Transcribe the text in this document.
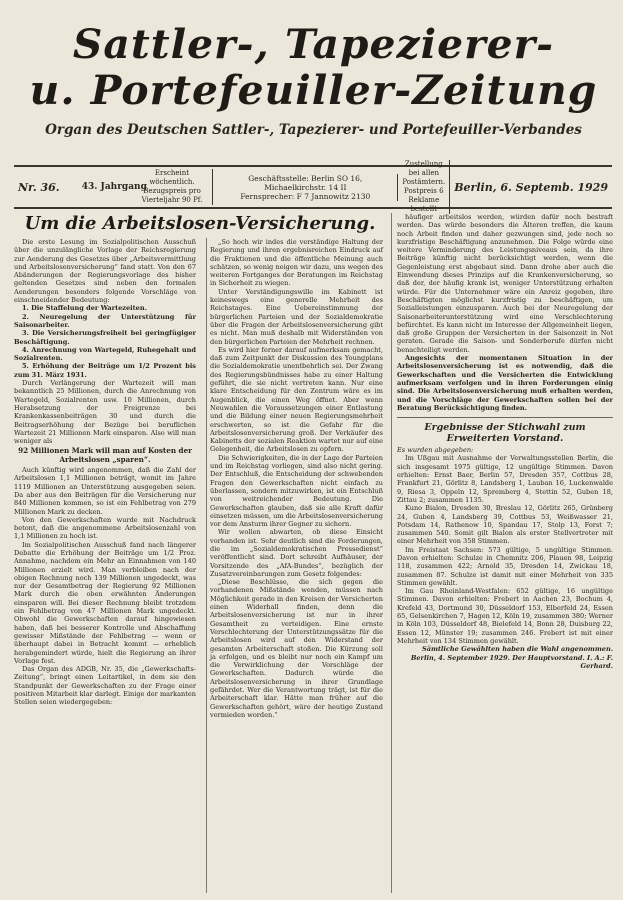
Sattler-, Tapezierer-
u. Portefeuiller-Zeitung
Organ des Deutschen Sattler-, Tapezierer- und Portefeuiller-Verbandes
Nr. 36.	43. Jahrgang
Erscheint wöchentlich. Bezugspreis pro Vierteljahr 90 Pf.
Geschäftsstelle: Berlin SO 16, Michaelkirchstr. 14 II
Fernsprecher: F 7 Jannowitz 2130
Zustellung bei allen Postämtern. Postpreis 6 Reklame bestellt
Berlin, 6. Septemb. 1929
Um die Arbeitslosen-Versicherung.

Die erste Lesung im Sozialpolitischen Ausschuß über die unzulängliche Vorlage der Reichsregierung zur Aenderung des Gesetzes über „Arbeitsvermittlung und Arbeitslosenversicherung“ fand statt. Von den 67 Abänderungen der Regierungsvorlage des bisher geltenden Gesetzes sind neben den formalen Aenderungen besonders folgende Vorschläge von einschneidender Bedeutung:

1. Die Staffelung der Wartezeiten.

2. Neuregelung der Unterstützung für Saisonarbeiter.

3. Die Versicherungsfreiheit bei geringfügiger Beschäftigung.

4. Anrechnung von Wartegeld, Ruhegehalt und Sozialrenten.

5. Erhöhung der Beiträge um 1/2 Prozent bis zum 31. März 1931.

Durch Verlängerung der Wartezeit will man bekanntlich 25 Millionen, durch die Anrechnung von Wartegeld, Sozialrenten usw. 10 Millionen, durch Herabsetzung der Freigrenze bei Krankenkassenbeiträgen 30 und durch die Beitragserhöhung der Bezüge bei beruflichen Wartezeit 21 Millionen Mark einsparen. Also will man weniger als

92 Millionen Mark will man auf Kosten der Arbeitslosen „sparen“.

Auch künftig wird angenommen, daß die Zahl der Arbeitslosen 1,1 Millionen beträgt, womit im Jahre 1119 Millionen an Unterstützung ausgegeben seien. Da aber aus den Beiträgen für die Versicherung nur 840 Millionen kommen, so ist ein Fehlbetrag von 279 Millionen Mark zu decken.

Von den Gewerkschaften wurde mit Nachdruck betont, daß die angenommene Arbeitslosenzahl von 1,1 Millionen zu hoch ist.

Im Sozialpolitischen Ausschuß fand nach längerer Debatte die Erhöhung der Beiträge um 1/2 Proz. Annahme, nachdem ein Mehr an Einnahmen von 140 Millionen erzielt wird. Man verbleiben nach der obigen Rechnung noch 139 Millionen ungedeckt, was nur der Gesamtbetrag der Regierung 92 Millionen Mark durch die oben erwähnten Änderungen einsparen will. Bei dieser Rechnung bleibt trotzdem ein Fehlbetrag von 47 Millionen Mark ungedeckt. Obwohl die Gewerkschaften darauf hingewiesen haben, daß bei besserer Kontrolle und Abschaffung gewisser Mißstände der Fehlbetrag — wenn er überhaupt dabei in Betracht kommt — erheblich herabgemindert würde, hielt die Regierung an ihrer Vorlage fest.

Das Organ des ADGB, Nr. 35, die „Gewerkschafts-Zeitung“, bringt einen Leitartikel, in dem sie den Standpunkt der Gewerkschaften zu der Frage einer positiven Mitarbeit klar darlegt. Einige der markanten Stellen seien wiedergegeben:

„So hoch wir indes die verständige Haltung der Regierung und ihren ergebnisreichen Eindruck auf die Fraktionen und die öffentliche Meinung auch schätzen, so wenig neigen wir dazu, uns wegen des weiteren Fortganges der Beratungen im Reichstag in Sicherheit zu wiegen.

Unter Verständigungswille im Kabinett ist keineswegs eine generelle Mehrheit des Reichstages. Eine Uebereinstimmung der bürgerlichen Parteien und der Sozialdemokratie über die Fragen der Arbeitslosenversicherung gibt es nicht. Man muß deshalb mit Widerständen von den bürgerlichen Parteien der Mehrheit rechnen.

Es wird hier ferner darauf aufmerksam gemacht, daß zum Zeitpunkt der Diskussion des Youngplans die Sozialdemokratie unentbehrlich sei. Der Zwang des Regierungsbündnisses habe zu einer Haltung geführt, die sie nicht vertreten kann. Nur eine klare Entscheidung für den Zentrum wäre es im Augenblick, die einen Weg öffnet. Aber wenn Neuwahlen die Voraussetzungen einer Entlastung und die Bildung einer neuen Regierungsmehrheit erschwerten, so ist die Gefahr für die Arbeitslosenversicherung groß. Der Verkäufer des Kabinetts der sozialen Reaktion wartet nur auf eine Gelegenheit, die Arbeitslosen zu opfern.

Die Schwierigkeiten, die in der Lage der Parteien und im Reichstag vorliegen, sind also nicht gering. Der Entschluß, die Entscheidung der schwebenden Fragen den Gewerkschaften nicht einfach zu überlassen, sondern mitzuwirken, ist ein Entschluß von weitreichender Bedeutung. Die Gewerkschaften glauben, daß sie alle Kraft dafür einsetzen müssen, um die Arbeitslosenversicherung vor dem Ansturm ihrer Gegner zu sichern.

Wir wollen abwarten, ob diese Einsicht vorhanden ist. Sehr deutlich sind die Forderungen, die im „Sozialdemokratischen Pressedienst“ veröffentlicht sind. Dort schreibt Aufhäuser, der Vorsitzende des „AfA-Bundes“, bezüglich der Zusatzvereinbarungen zum Gesetz folgendes:

„Diese Beschlüsse, die sich gegen die vorhandenen Mißstände wenden, müssen nach Möglichkeit gerade in den Kreisen der Versicherten einen Widerhall finden, denn die Arbeitslosenversicherung ist nur in ihrer Gesamtheit zu verteidigen. Eine ernste Verschlechterung der Unterstützungssätze für die Arbeitslosen wird auf den Widerstand der gesamten Arbeiterschaft stoßen. Die Kürzung soll ja erfolgen, und es bleibt nur noch ein Kampf um die Verwirklichung der Vorschläge der Gewerkschaften. Dadurch würde die Arbeitslosenversicherung in ihrer Grundlage gefährdet. Wer die Verantwortung trägt, ist für die Arbeiterschaft klar. Hätte man früher auf die Gewerkschaften gehört, wäre der heutige Zustand vermieden worden.“

häufiger arbeitslos werden, würden dafür noch bestraft werden. Das würde besonders die Älteren treffen, die kaum noch Arbeit finden und daher gezwungen sind, jede noch so kurzfristige Beschäftigung anzunehmen. Die Folge würde eine weitere Verminderung des Leistungsniveaus sein, da ihre Beiträge künftig nicht berücksichtigt werden, wenn die Gegenleistung erst abgebaut sind. Dann drohe aber auch die Einwendung dieses Prinzips auf die Krankenversicherung, so daß der, der häufig krank ist, weniger Unterstützung erhalten würde. Für die Unternehmer wäre ein Anreiz gegeben, ihre Beschäftigten möglichst kurzfristig zu beschäftigen, um Sozialleistungen einzusparen. Auch bei der Neuregelung der Saisonarbeiterunterstützung wird eine Verschlechterung befürchtet. Es kann nicht im Interesse der Allgemeinheit liegen, daß große Gruppen der Versicherten in der Saisonzeit in Not geraten. Gerade die Saison- und Sonderberufe dürfen nicht benachteiligt werden.

Angesichts der momentanen Situation in der Arbeitslosenversicherung ist es notwendig, daß die Gewerkschaften und die Versicherten die Entwicklung aufmerksam verfolgen und in ihren Forderungen einig sind. Die Arbeitslosenversicherung muß erhalten werden, und die Vorschläge der Gewerkschaften sollen bei der Beratung Berücksichtigung finden.

Ergebnisse der Stichwahl zum Erweiterten Vorstand.

Es wurden abgegeben:

Im Ußgau mit Ausnahme der Verwaltungsstellen Berlin, die sich insgesamt 1975 gültige, 12 ungültige Stimmen. Davon erhielten: Ernst Baer, Berlin 57, Dresden 357, Cottbus 28, Frankfurt 21, Görlitz 8, Landsberg 1, Lauban 16, Luckenwalde 9, Riesa 3, Oppeln 12, Spremberg 4, Stettin 52, Guben 18, Zittau 2; zusammen 1135.

Kuno Bialon, Dresden 30, Breslau 12, Görlitz 265, Grünberg 24, Guben 4, Landsberg 39, Cottbus 53, Weißwasser 21, Potsdam 14, Rathenow 10, Spandau 17, Stolp 13, Forst 7; zusammen 540. Somit gilt Bialon als erster Stellvertreter mit einer Mehrheit von 358 Stimmen.

Im Freistaat Sachsen: 573 gültige, 5 ungültige Stimmen. Davon erhielten: Schulze in Chemnitz 206, Plauen 98, Leipzig 118, zusammen 422; Arnold 35, Dresden 14, Zwickau 18, zusammen 87. Schulze ist damit mit einer Mehrheit von 335 Stimmen gewählt.

Im Gau Rheinland-Westfalen: 652 gültige, 16 ungültige Stimmen. Davon erhielten: Frebert in Aachen 23, Bochum 4, Krefeld 43, Dortmund 30, Düsseldorf 153, Elberfeld 24, Essen 65, Gelsenkirchen 7, Hagen 12, Köln 19, zusammen 380; Werner in Köln 103, Düsseldorf 48, Bielefeld 14, Bonn 28, Duisburg 22, Essen 12, Münster 19; zusammen 246. Frebert ist mit einer Mehrheit von 134 Stimmen gewählt.

Sämtliche Gewählten haben die Wahl angenommen. Berlin, 4. September 1929. Der Hauptvorstand. I. A.: F. Gerhard.
